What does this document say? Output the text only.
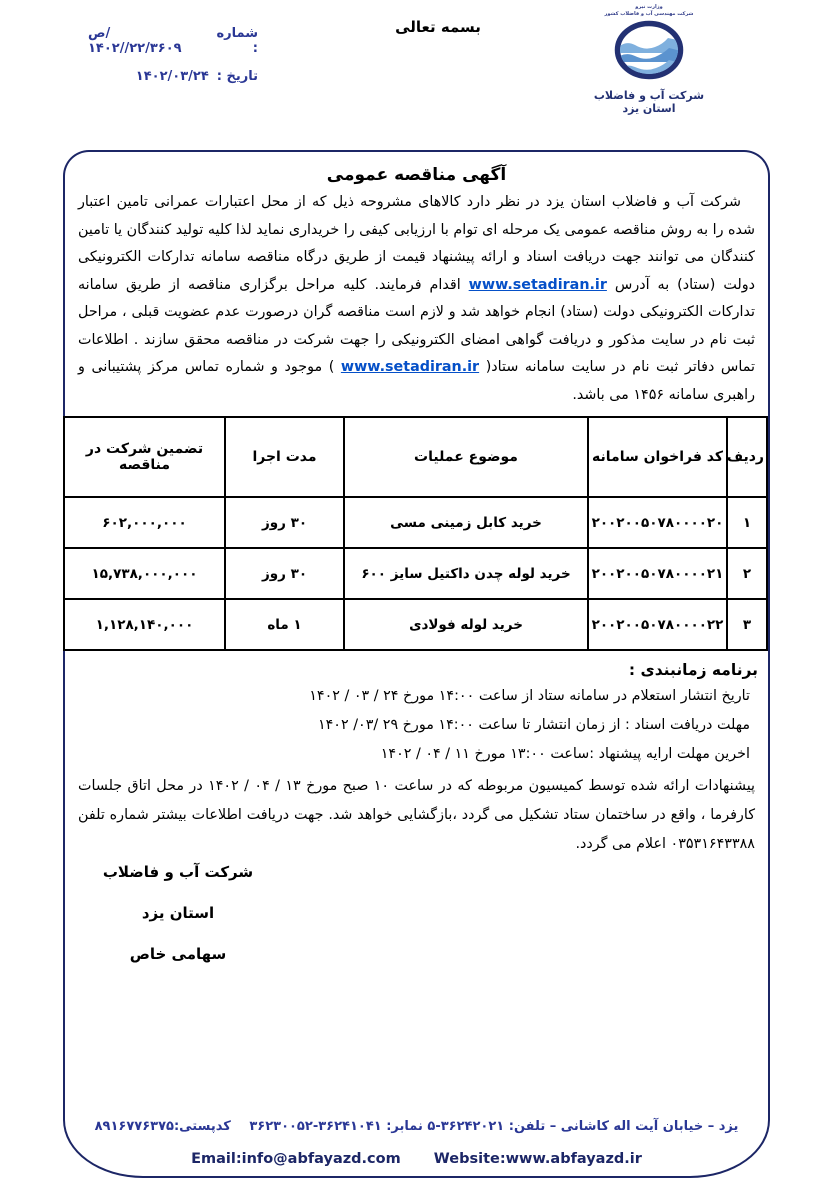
شماره :
ص/۱۴۰۲//۲۲/۳۶۰۹
تاریخ :
۱۴۰۲/۰۳/۲۴
بسمه تعالی
وزارت نیرو
شرکت مهندسی آب و فاضلاب کشور
شرکت آب و فاضلاب استان یزد
آگهی مناقصه عمومی

شرکت آب و فاضلاب استان یزد در نظر دارد کالاهای مشروحه ذیل که از محل اعتبارات عمرانی تامین اعتبار شده را به روش مناقصه عمومی یک مرحله ای توام با ارزیابی کیفی را خریداری نماید لذا کلیه تولید کنندگان یا تامین کنندگان می توانند جهت دریافت اسناد و ارائه پیشنهاد قیمت از طریق درگاه مناقصه سامانه تدارکات الکترونیکی دولت (ستاد) به آدرس www.setadiran.ir اقدام فرمایند. کلیه مراحل برگزاری مناقصه از طریق سامانه تدارکات الکترونیکی دولت (ستاد) انجام خواهد شد و لازم است مناقصه گران درصورت عدم عضویت قبلی ، مراحل ثبت نام در سایت مذکور و دریافت گواهی امضای الکترونیکی را جهت شرکت در مناقصه محقق سازند . اطلاعات تماس دفاتر ثبت نام در سایت سامانه ستاد( www.setadiran.ir ) موجود و شماره تماس مرکز پشتیبانی و راهبری سامانه ۱۴۵۶ می باشد.

ردیف	کد فراخوان سامانه	موضوع عملیات	مدت اجرا	تضمین شرکت در مناقصه
۱	۲۰۰۲۰۰۵۰۷۸۰۰۰۰۲۰	خرید کابل زمینی مسی	۳۰ روز	۶۰۲,۰۰۰,۰۰۰
۲	۲۰۰۲۰۰۵۰۷۸۰۰۰۰۲۱	خرید لوله چدن داکتیل سایز ۶۰۰	۳۰ روز	۱۵,۷۳۸,۰۰۰,۰۰۰
۳	۲۰۰۲۰۰۵۰۷۸۰۰۰۰۲۲	خرید لوله فولادی	۱ ماه	۱,۱۲۸,۱۴۰,۰۰۰
برنامه زمانبندی :
تاریخ انتشار استعلام در سامانه ستاد از ساعت ۱۴:۰۰ مورخ ۲۴ / ۰۳ / ۱۴۰۲
مهلت دریافت اسناد : از زمان انتشار تا ساعت ۱۴:۰۰ مورخ ۲۹ /۰۳/ ۱۴۰۲
اخرین مهلت ارایه پیشنهاد :ساعت ۱۳:۰۰ مورخ ۱۱ / ۰۴ / ۱۴۰۲

پیشنهادات ارائه شده توسط کمیسیون مربوطه که در ساعت ۱۰ صبح مورخ ۱۳ / ۰۴ / ۱۴۰۲ در محل اتاق جلسات کارفرما ، واقع در ساختمان ستاد تشکیل می گردد ،بازگشایی خواهد شد. جهت دریافت اطلاعات بیشتر شماره تلفن ۰۳۵۳۱۶۴۳۳۸۸ اعلام می گردد.

شرکت آب و فاضلاب استان یزد
سهامی خاص
یزد – خیابان آیت اله کاشانی – تلفن: ۳۶۲۴۲۰۲۱-۵ نمابر: ۳۶۲۴۱۰۴۱-۳۶۲۳۰۰۵۲ کدپستی:۸۹۱۶۷۷۶۳۷۵
Email:info@abfayazd.com Website:www.abfayazd.ir
